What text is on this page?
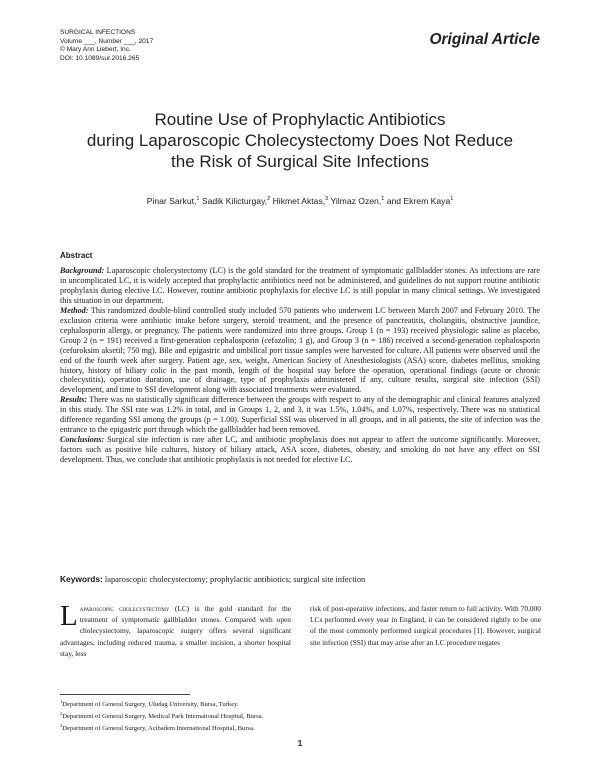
SURGICAL INFECTIONS
Volume ___, Number ___, 2017
© Mary Ann Liebert, Inc.
DOI: 10.1089/sur.2016.265
Original Article
Routine Use of Prophylactic Antibiotics
during Laparoscopic Cholecystectomy Does Not Reduce
the Risk of Surgical Site Infections
Pinar Sarkut,$^1$ Sadik Kilicturgay,$^2$ Hikmet Aktas,$^3$ Yilmaz Ozen,$^1$ and Ekrem Kaya$^1$
Abstract

Background: Laparoscopic cholecystectomy (LC) is the gold standard for the treatment of symptomatic gallbladder stones. As infections are rare in uncomplicated LC, it is widely accepted that prophylactic antibiotics need not be administered, and guidelines do not support routine antibiotic prophylaxis during elective LC. However, routine antibiotic prophylaxis for elective LC is still popular in many clinical settings. We investigated this situation in our department.

Method: This randomized double-blind controlled study included 570 patients who underwent LC between March 2007 and February 2010. The exclusion criteria were antibiotic intake before surgery, steroid treatment, and the presence of pancreatitis, cholangitis, obstructive jaundice, cephalosporin allergy, or pregnancy. The patients were randomized into three groups. Group 1 (n = 193) received physiologic saline as placebo, Group 2 (n = 191) received a first-generation cephalosporin (cefazolin; 1 g), and Group 3 (n = 186) received a second-generation cephalosporin (cefuroksim aksetil; 750 mg). Bile and epigastric and umbilical port tissue samples were harvested for culture. All patients were observed until the end of the fourth week after surgery. Patient age, sex, weight, American Society of Anesthesiologists (ASA) score, diabetes mellitus, smoking history, history of biliary colic in the past month, length of the hospital stay before the operation, operational findings (acute or chronic cholecystitis), operation duration, use of drainage, type of prophylaxis administered if any, culture results, surgical site infection (SSI) development, and time to SSI development along with associated treatments were evaluated.

Results: There was no statistically significant difference between the groups with respect to any of the demographic and clinical features analyzed in this study. The SSI rate was 1.2% in total, and in Groups 1, 2, and 3, it was 1.5%, 1.04%, and 1.07%, respectively. There was no statistical difference regarding SSI among the groups (p = 1.00). Superficial SSI was observed in all groups, and in all patients, the site of infection was the entrance to the epigastric port through which the gallbladder had been removed.

Conclusions: Surgical site infection is rare after LC, and antibiotic prophylaxis does not appear to affect the outcome significantly. Moreover, factors such as positive bile cultures, history of biliary attack, ASA score, diabetes, obesity, and smoking do not have any effect on SSI development. Thus, we conclude that antibiotic prophylaxis is not needed for elective LC.

Keywords: laparoscopic cholecystectomy; prophylactic antibiotics; surgical site infection
Laparoscopic cholecystectomy (LC) is the gold standard for the treatment of symptomatic gallbladder stones. Compared with open cholecystectomy, laparoscopic surgery offers several significant advantages, including reduced trauma, a smaller incision, a shorter hospital stay, less
risk of post-operative infections, and faster return to full activity. With 70,000 LCs performed every year in England, it can be considered rightly to be one of the most commonly performed surgical procedures [1]. However, surgical site infection (SSI) that may arise after an LC procedure negates
$^1$Department of General Surgery, Uludag University, Bursa, Turkey.
$^2$Department of General Surgery, Medical Park International Hospital, Bursa.
$^3$Department of General Surgery, Acibadem International Hospital, Bursa.
1
